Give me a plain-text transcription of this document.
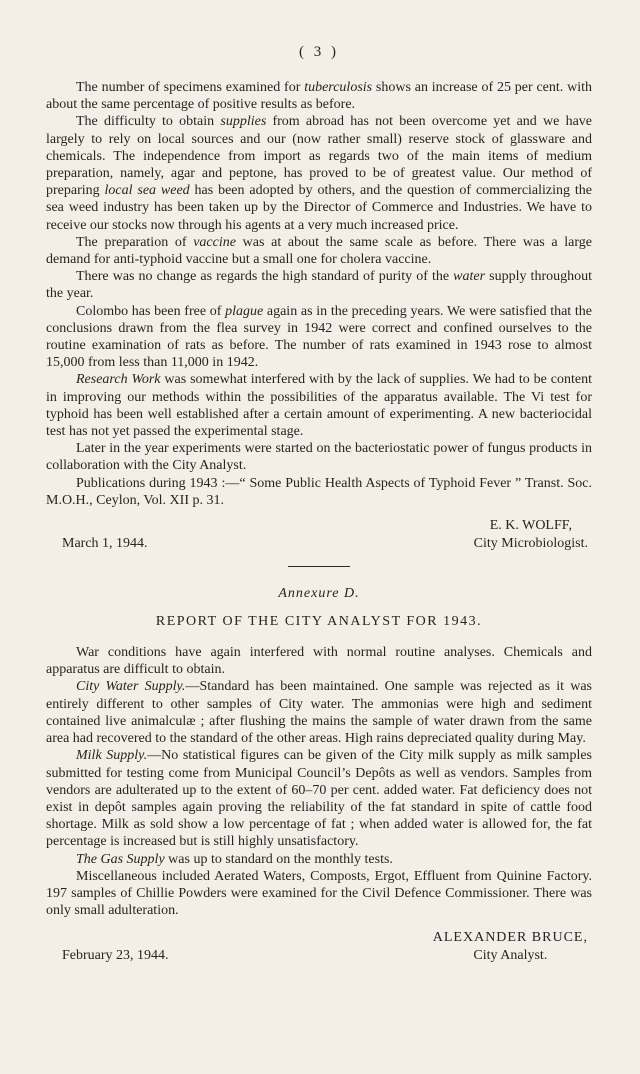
( 3 )

The number of specimens examined for tuberculosis shows an increase of 25 per cent. with about the same percentage of positive results as before.

The difficulty to obtain supplies from abroad has not been overcome yet and we have largely to rely on local sources and our (now rather small) reserve stock of glassware and chemicals. The independence from import as regards two of the main items of medium preparation, namely, agar and peptone, has proved to be of greatest value. Our method of preparing local sea weed has been adopted by others, and the question of commercializing the sea weed industry has been taken up by the Director of Commerce and Industries. We have to receive our stocks now through his agents at a very much increased price.

The preparation of vaccine was at about the same scale as before. There was a large demand for anti-typhoid vaccine but a small one for cholera vaccine.

There was no change as regards the high standard of purity of the water supply throughout the year.

Colombo has been free of plague again as in the preceding years. We were satisfied that the conclusions drawn from the flea survey in 1942 were correct and confined ourselves to the routine examination of rats as before. The number of rats examined in 1943 rose to almost 15,000 from less than 11,000 in 1942.

Research Work was somewhat interfered with by the lack of supplies. We had to be content in improving our methods within the possibilities of the apparatus available. The Vi test for typhoid has been well established after a certain amount of experimenting. A new bacteriocidal test has not yet passed the experimental stage.

Later in the year experiments were started on the bacteriostatic power of fungus products in collaboration with the City Analyst.

Publications during 1943 :—“ Some Public Health Aspects of Typhoid Fever ” Transt. Soc. M.O.H., Ceylon, Vol. XII p. 31.

March 1, 1944.
E. K. WOLFF,
City Microbiologist.
Annexure D.
REPORT OF THE CITY ANALYST FOR 1943.

War conditions have again interfered with normal routine analyses. Chemicals and apparatus are difficult to obtain.

City Water Supply.—Standard has been maintained. One sample was rejected as it was entirely different to other samples of City water. The ammonias were high and sediment contained live animalculæ ; after flushing the mains the sample of water drawn from the same area had recovered to the standard of the other areas. High rains depreciated quality during May.

Milk Supply.—No statistical figures can be given of the City milk supply as milk samples submitted for testing come from Municipal Council’s Depôts as well as vendors. Samples from vendors are adulterated up to the extent of 60–70 per cent. added water. Fat deficiency does not exist in depôt samples again proving the reliability of the fat standard in spite of cattle food shortage. Milk as sold show a low percentage of fat ; when added water is allowed for, the fat percentage is increased but is still highly unsatisfactory.

The Gas Supply was up to standard on the monthly tests.

Miscellaneous included Aerated Waters, Composts, Ergot, Effluent from Quinine Factory. 197 samples of Chillie Powders were examined for the Civil Defence Commissioner. There was only small adulteration.

February 23, 1944.
ALEXANDER BRUCE,
City Analyst.
